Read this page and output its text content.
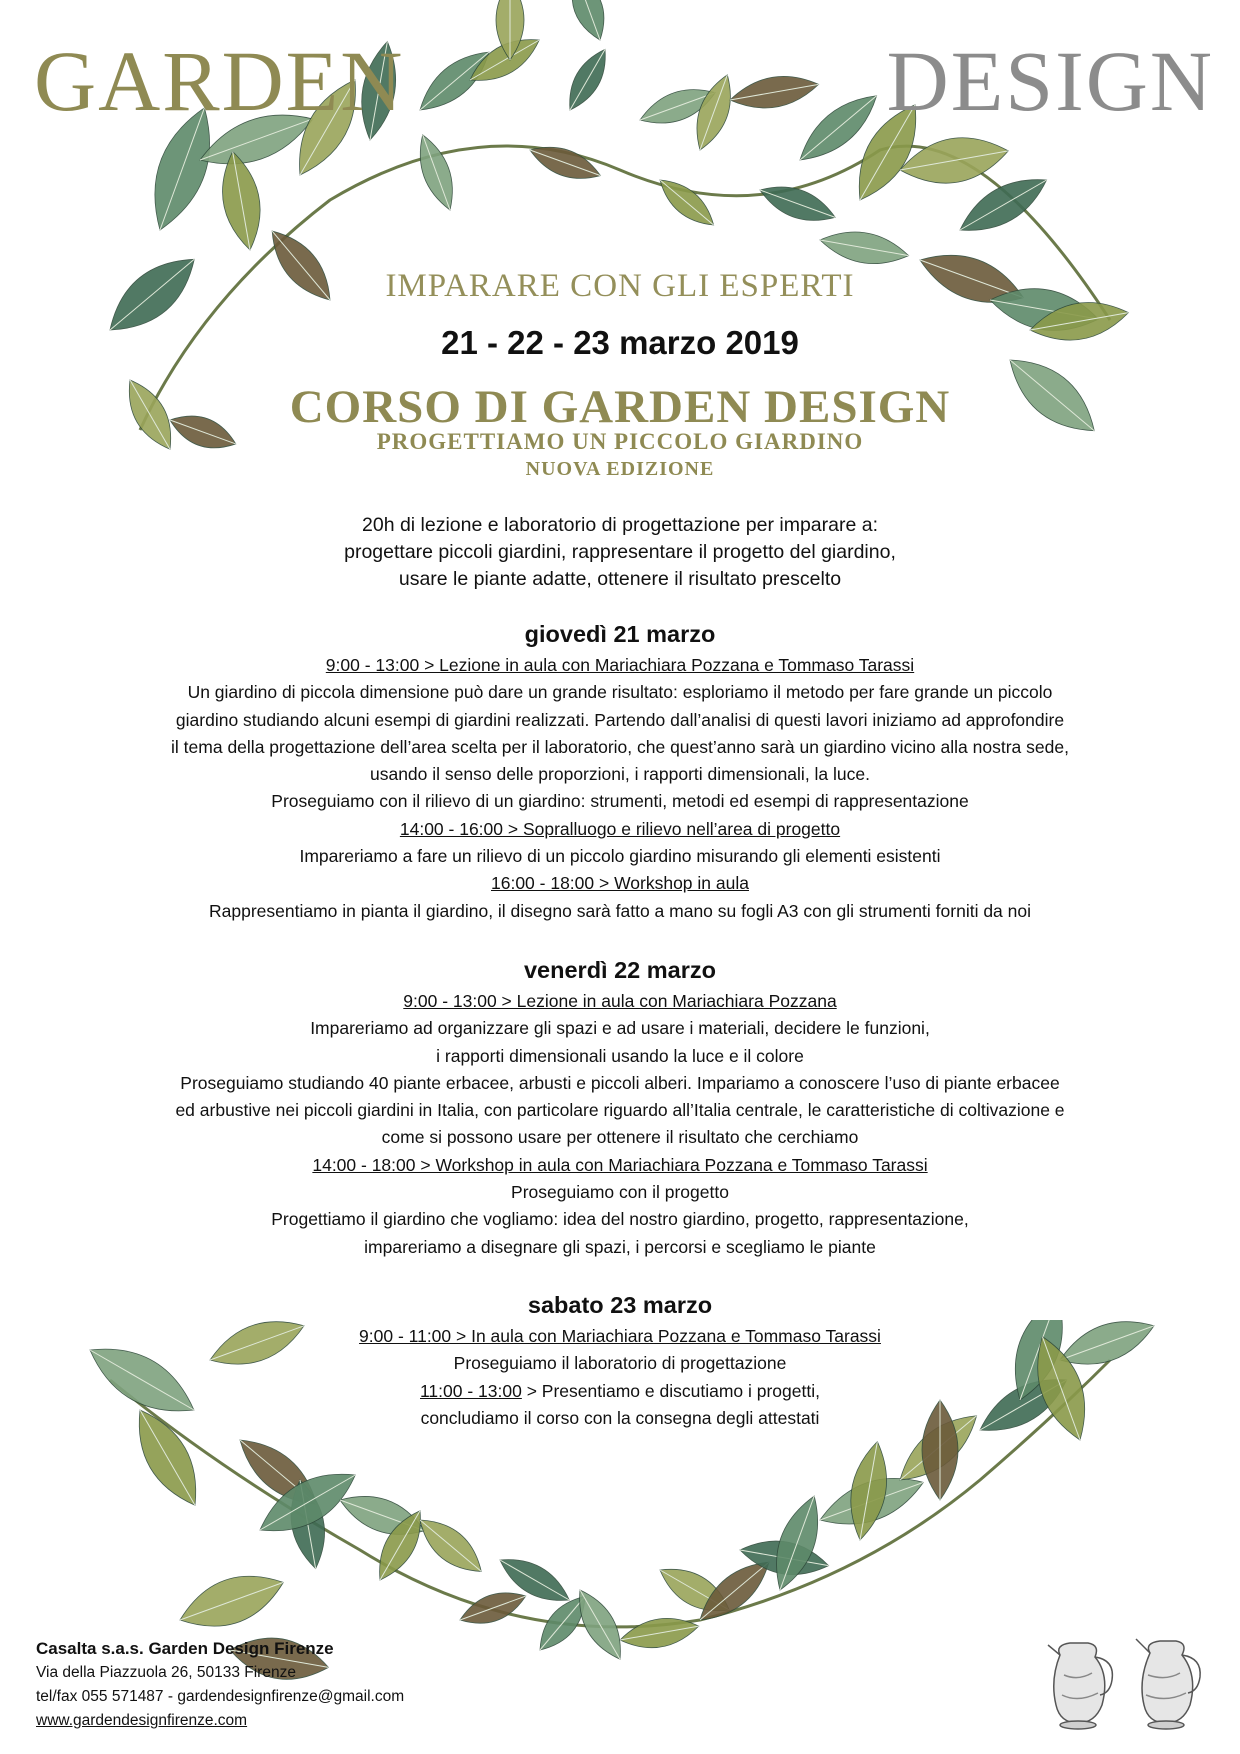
GARDEN	DESIGN
IMPARARE CON GLI ESPERTI
21 - 22 - 23 marzo 2019
CORSO DI GARDEN DESIGN
PROGETTIAMO UN PICCOLO GIARDINO
NUOVA EDIZIONE
20h di lezione e laboratorio di progettazione per imparare a:
progettare piccoli giardini, rappresentare il progetto del giardino,
usare le piante adatte, ottenere il risultato prescelto
giovedì 21 marzo
9:00 - 13:00 > Lezione in aula con Mariachiara Pozzana e Tommaso Tarassi
Un giardino di piccola dimensione può dare un grande risultato: esploriamo il metodo per fare grande un piccolo
giardino studiando alcuni esempi di giardini realizzati. Partendo dall’analisi di questi lavori iniziamo ad approfondire
il tema della progettazione dell’area scelta per il laboratorio, che quest’anno sarà un giardino vicino alla nostra sede,
usando il senso delle proporzioni, i rapporti dimensionali, la luce.
Proseguiamo con il rilievo di un giardino: strumenti, metodi ed esempi di rappresentazione
14:00 - 16:00 > Sopralluogo e rilievo nell’area di progetto
Impareriamo a fare un rilievo di un piccolo giardino misurando gli elementi esistenti
16:00 - 18:00 > Workshop in aula
Rappresentiamo in pianta il giardino, il disegno sarà fatto a mano su fogli A3 con gli strumenti forniti da noi
venerdì 22 marzo
9:00 - 13:00 > Lezione in aula con Mariachiara Pozzana
Impareriamo ad organizzare gli spazi e ad usare i materiali, decidere le funzioni,
i rapporti dimensionali usando la luce e il colore
Proseguiamo studiando 40 piante erbacee, arbusti e piccoli alberi. Impariamo a conoscere l’uso di piante erbacee
ed arbustive nei piccoli giardini in Italia, con particolare riguardo all’Italia centrale, le caratteristiche di coltivazione e
come si possono usare per ottenere il risultato che cerchiamo
14:00 - 18:00 > Workshop in aula con Mariachiara Pozzana e Tommaso Tarassi
Proseguiamo con il progetto
Progettiamo il giardino che vogliamo: idea del nostro giardino, progetto, rappresentazione,
impareriamo a disegnare gli spazi, i percorsi e scegliamo le piante
sabato 23 marzo
9:00 - 11:00 > In aula con Mariachiara Pozzana e Tommaso Tarassi
Proseguiamo il laboratorio di progettazione
11:00 - 13:00 > Presentiamo e discutiamo i progetti,
concludiamo il corso con la consegna degli attestati
Casalta s.a.s. Garden Design Firenze
Via della Piazzuola 26, 50133 Firenze
tel/fax 055 571487 - gardendesignfirenze@gmail.com
www.gardendesignfirenze.com
